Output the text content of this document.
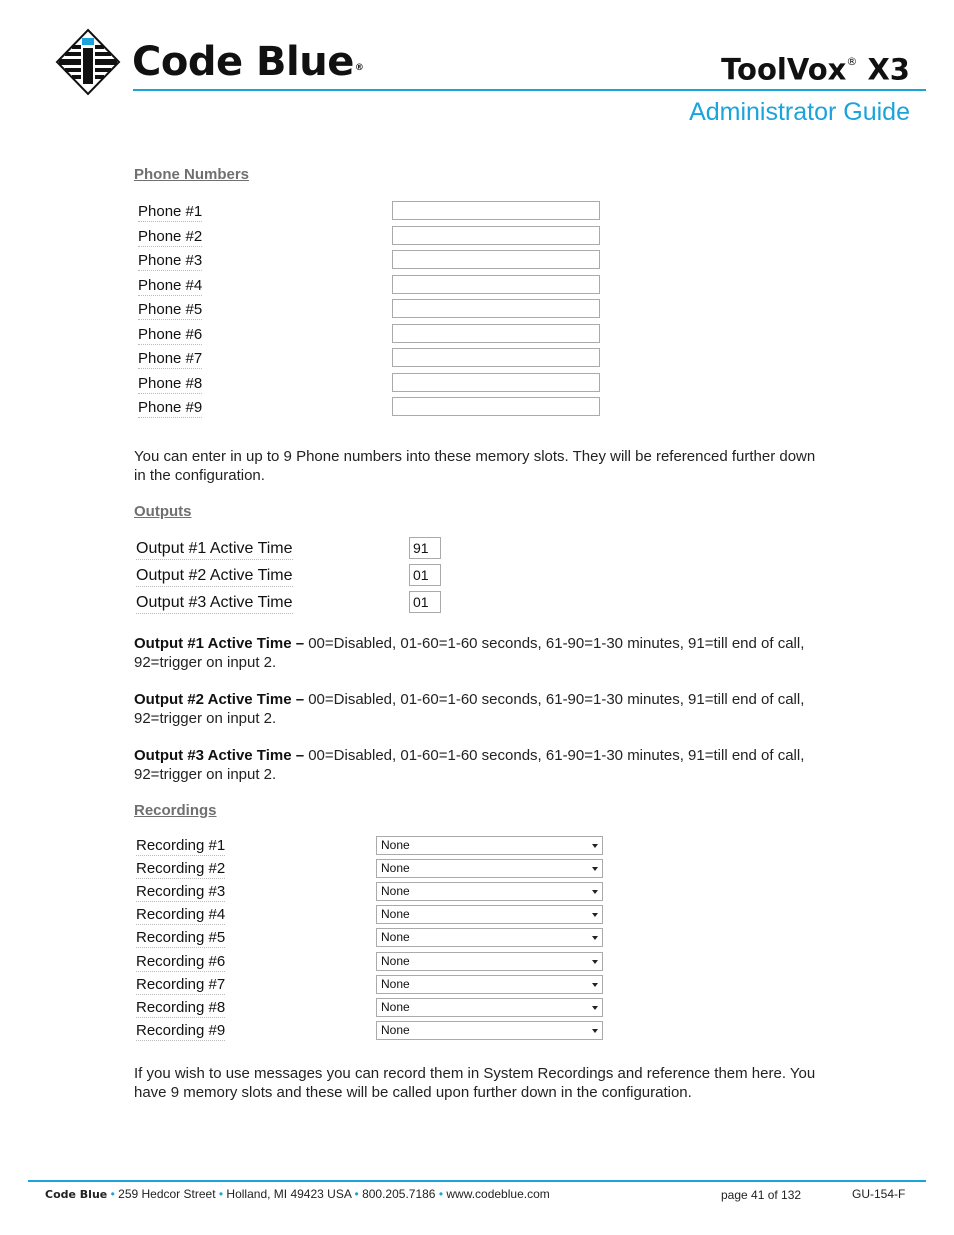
Code Blue®	ToolVox® X3
Administrator Guide
Phone Numbers
Phone #1
Phone #2
Phone #3
Phone #4
Phone #5
Phone #6
Phone #7
Phone #8
Phone #9
You can enter in up to 9 Phone numbers into these memory slots. They will be referenced further down in the configuration.
Outputs
Output #1 Active Time	91
Output #2 Active Time	01
Output #3 Active Time	01
Output #1 Active Time – 00=Disabled, 01-60=1-60 seconds, 61-90=1-30 minutes, 91=till end of call, 92=trigger on input 2.
Output #2 Active Time – 00=Disabled, 01-60=1-60 seconds, 61-90=1-30 minutes, 91=till end of call, 92=trigger on input 2.
Output #3 Active Time – 00=Disabled, 01-60=1-60 seconds, 61-90=1-30 minutes, 91=till end of call, 92=trigger on input 2.
Recordings
Recording #1	None
Recording #2	None
Recording #3	None
Recording #4	None
Recording #5	None
Recording #6	None
Recording #7	None
Recording #8	None
Recording #9	None
If you wish to use messages you can record them in System Recordings and reference them here. You have 9 memory slots and these will be called upon further down in the configuration.
Code Blue • 259 Hedcor Street • Holland, MI 49423 USA • 800.205.7186 • www.codeblue.com	page 41 of 132	GU-154-F
